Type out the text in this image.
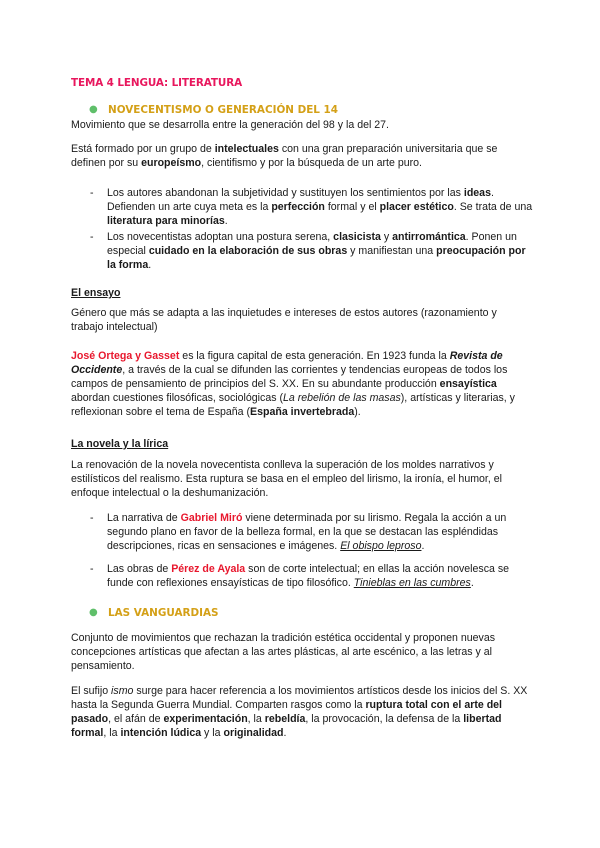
TEMA 4 LENGUA: LITERATURA

● NOVECENTISMO O GENERACIÓN DEL 14

Movimiento que se desarrolla entre la generación del 98 y la del 27.

Está formado por un grupo de intelectuales con una gran preparación universitaria que se definen por su europeísmo, cientifismo y por la búsqueda de un arte puro.

- Los autores abandonan la subjetividad y sustituyen los sentimientos por las ideas. Defienden un arte cuya meta es la perfección formal y el placer estético. Se trata de una literatura para minorías.

- Los novecentistas adoptan una postura serena, clasicista y antirromántica. Ponen un especial cuidado en la elaboración de sus obras y manifiestan una preocupación por la forma.

El ensayo

Género que más se adapta a las inquietudes e intereses de estos autores (razonamiento y trabajo intelectual)

José Ortega y Gasset es la figura capital de esta generación. En 1923 funda la Revista de Occidente, a través de la cual se difunden las corrientes y tendencias europeas de todos los campos de pensamiento de principios del S. XX. En su abundante producción ensayística abordan cuestiones filosóficas, sociológicas (La rebelión de las masas), artísticas y literarias, y reflexionan sobre el tema de España (España invertebrada).

La novela y la lírica

La renovación de la novela novecentista conlleva la superación de los moldes narrativos y estilísticos del realismo. Esta ruptura se basa en el empleo del lirismo, la ironía, el humor, el enfoque intelectual o la deshumanización.

- La narrativa de Gabriel Miró viene determinada por su lirismo. Regala la acción a un segundo plano en favor de la belleza formal, en la que se destacan las espléndidas descripciones, ricas en sensaciones e imágenes. El obispo leproso.

- Las obras de Pérez de Ayala son de corte intelectual; en ellas la acción novelesca se funde con reflexiones ensayísticas de tipo filosófico. Tinieblas en las cumbres.

● LAS VANGUARDIAS

Conjunto de movimientos que rechazan la tradición estética occidental y proponen nuevas concepciones artísticas que afectan a las artes plásticas, al arte escénico, a las letras y al pensamiento.

El sufijo ismo surge para hacer referencia a los movimientos artísticos desde los inicios del S. XX hasta la Segunda Guerra Mundial. Comparten rasgos como la ruptura total con el arte del pasado, el afán de experimentación, la rebeldía, la provocación, la defensa de la libertad formal, la intención lúdica y la originalidad.
